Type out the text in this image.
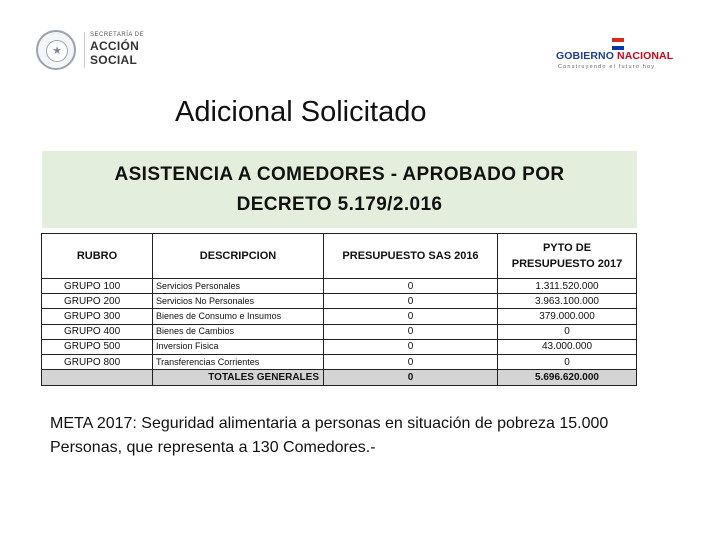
★
SECRETARÍA DE
ACCIÓN
SOCIAL	GOBIERNO NACIONAL
Construyendo el futuro hoy
Adicional Solicitado
ASISTENCIA A COMEDORES - APROBADO POR
DECRETO 5.179/2.016
RUBRO	DESCRIPCION	PRESUPUESTO SAS 2016	PYTO DE
PRESUPUESTO 2017

GRUPO 100	Servicios Personales	0	1.311.520.000
GRUPO 200	Servicios No Personales	0	3.963.100.000
GRUPO 300	Bienes de Consumo e Insumos	0	379.000.000
GRUPO 400	Bienes de Cambios	0	0
GRUPO 500	Inversion Fisica	0	43.000.000
GRUPO 800	Transferencias Corrientes	0	0
	TOTALES GENERALES	0	5.696.620.000
META 2017: Seguridad alimentaria a personas en situación de pobreza 15.000
Personas, que representa a 130 Comedores.-
